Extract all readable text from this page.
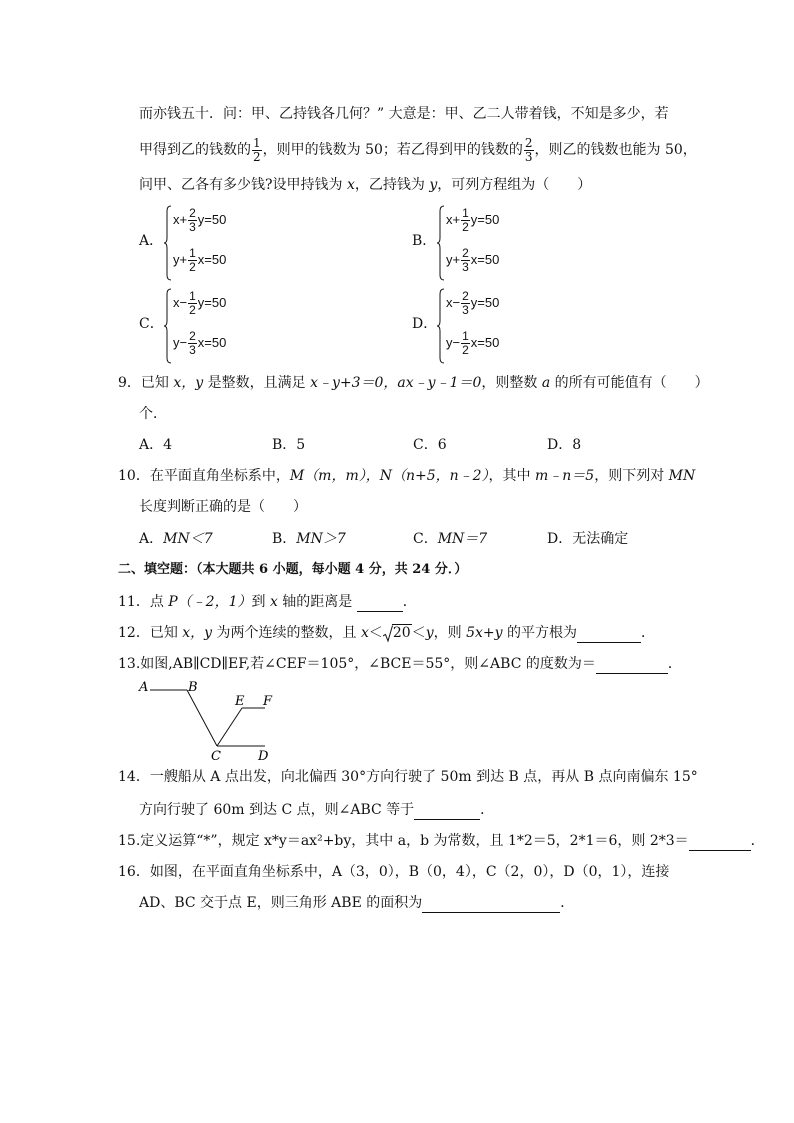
而亦钱五十．问：甲、乙持钱各几何？” 大意是：甲、乙二人带着钱，不知是多少，若
甲得到乙的钱数的 $\frac{1}{2}$ ，则甲的钱数为 50；若乙得到甲的钱数的 $\frac{2}{3}$ ，则乙的钱数也能为 50，
问甲、乙各有多少钱?设甲持钱为 x，乙持钱为 y，可列方程组为（　　）
A．
$x+ \frac{2}{3} y=50$
$y+ \frac{1}{2} x=50$
B．
$x+ \frac{1}{2} y=50$
$y+ \frac{2}{3} x=50$
C．
$x- \frac{1}{2} y=50$
$y- \frac{2}{3} x=50$
D．
$x- \frac{2}{3} y=50$
$y- \frac{1}{2} x=50$
9．已知 x，y 是整数，且满足 x﹣y+3＝0，ax﹣y﹣1＝0，则整数 a 的所有可能值有（　　）
个．
A．4	B．5	C．6	D．8
10．在平面直角坐标系中，M（m，m），N（n+5，n﹣2），其中 m﹣n＝5，则下列对 MN
长度判断正确的是（　　）
A．MN＜7	B．MN＞7	C．MN＝7	D．无法确定
二、填空题：（本大题共 6 小题，每小题 4 分，共 24 分．）
11．点 P（﹣2，1）到 x 轴的距离是	．
12．已知 x，y 为两个连续的整数，且 x＜ 20＜y，则 5x+y 的平方根为	．
13.如图,AB∥CD∥EF,若∠CEF＝105°，∠BCE＝55°，则∠ABC 的度数为＝	．
A	B
C	D
E F
14．一艘船从 A 点出发，向北偏西 30°方向行驶了 50m 到达 B 点，再从 B 点向南偏东 15°
方向行驶了 60m 到达 C 点，则∠ABC 等于	．
15.定义运算“*”，规定 x*y＝ax²+by，其中 a，b 为常数，且 1*2＝5，2*1＝6，则 2*3＝	．
16．如图，在平面直角坐标系中，A（3，0），B（0，4），C（2，0），D（0，1），连接
AD、BC 交于点 E，则三角形 ABE 的面积为	．
